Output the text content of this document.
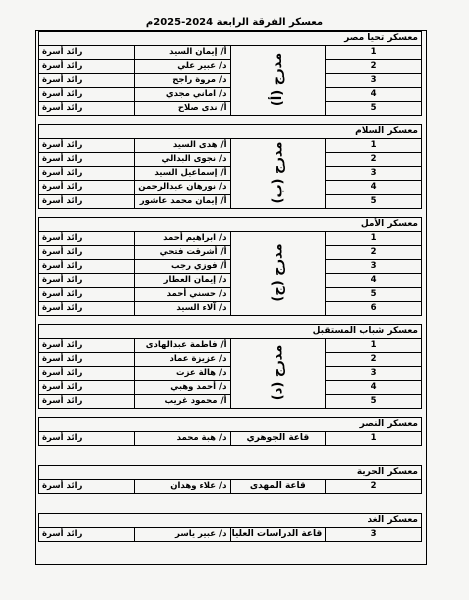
معسكر الفرقة الرابعة 2024-2025م
معسكر تحيا مصر			
1	مدرج (أ)	أ/ إيمان السيد	رائد أسرة
2		د/ عبير علي	رائد أسرة
3		د/ مروة راجح	رائد أسرة
4		د/ اماني مجدي	رائد أسرة
5		أ/ ندى صلاح	رائد أسرة
معسكر السلام			
1	مدرج (ب)	أ/ هدى السيد	رائد أسرة
2		د/ نجوى البدالي	رائد أسرة
3		أ/ إسماعيل السيد	رائد أسرة
4		د/ نورهان عبدالرحمن	رائد أسرة
5		أ/ إيمان محمد عاشور	رائد أسرة
معسكر الأمل			
1	مدرج (ج)	د/ ابراهيم أحمد	رائد أسرة
2		أ/ أشرقت فتحي	رائد أسرة
3		أ/ فوزي رجب	رائد أسرة
4		د/ إيمان العطار	رائد أسرة
5		د/ حسني أحمد	رائد أسرة
6		د/ آلاء السيد	رائد أسرة
معسكر شباب المستقبل			
1	مدرج (د)	أ/ فاطمة عبدالهادى	رائد أسرة
2		د/ عزيزة عماد	رائد أسرة
3		د/ هالة عزت	رائد أسرة
4		د/ أحمد وهبي	رائد أسرة
5		أ/ محمود غريب	رائد أسرة
معسكر النصر
1	قاعة الجوهري	د/ هبة محمد	رائد أسرة
معسكر الحرية
2	قاعة المهدى	د/ علاء وهدان	رائد أسرة
معسكر الغد
3	قاعة الدراسات العليا	د/ عبير ياسر	رائد أسرة
